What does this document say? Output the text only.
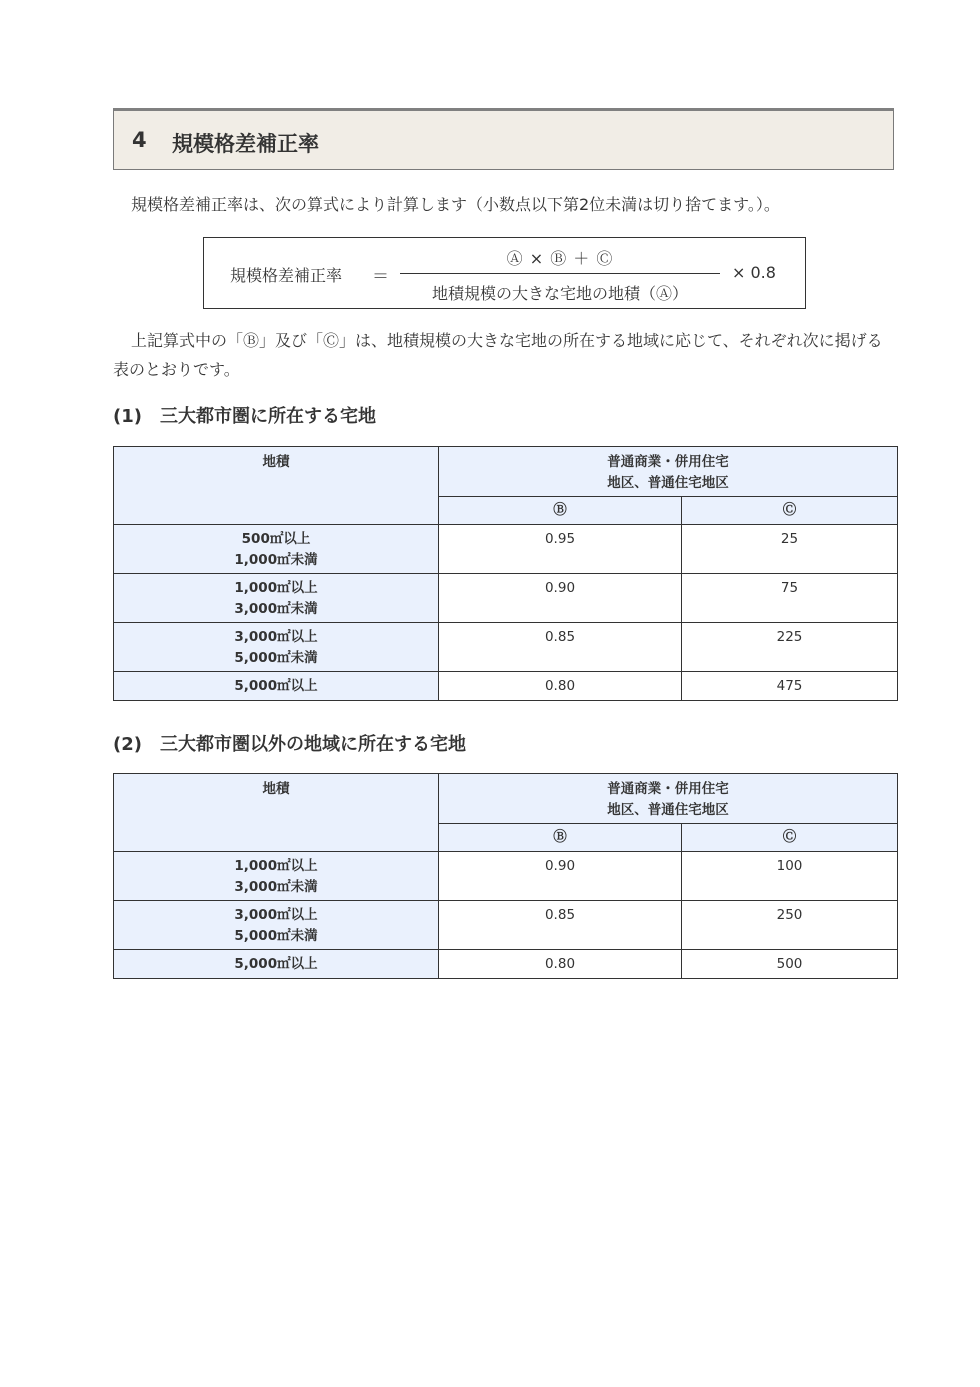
4 規模格差補正率
規模格差補正率は、次の算式により計算します（小数点以下第2位未満は切り捨てます。）。
規模格差補正率 ＝
Ⓐ × Ⓑ ＋ Ⓒ
地積規模の大きな宅地の地積（Ⓐ）
× 0.8
上記算式中の「Ⓑ」及び「Ⓒ」は、地積規模の大きな宅地の所在する地域に応じて、それぞれ次に掲げる表のとおりです。
(1)　三大都市圏に所在する宅地
地積	普通商業・併用住宅
地区、普通住宅地区	

	Ⓑ	Ⓒ

500㎡以上
1,000㎡未満	0.95	25

1,000㎡以上
3,000㎡未満	0.90	75

3,000㎡以上
5,000㎡未満	0.85	225

5,000㎡以上	0.80	475
(2)　三大都市圏以外の地域に所在する宅地
地積	普通商業・併用住宅
地区、普通住宅地区	

	Ⓑ	Ⓒ

1,000㎡以上
3,000㎡未満	0.90	100

3,000㎡以上
5,000㎡未満	0.85	250

5,000㎡以上	0.80	500
